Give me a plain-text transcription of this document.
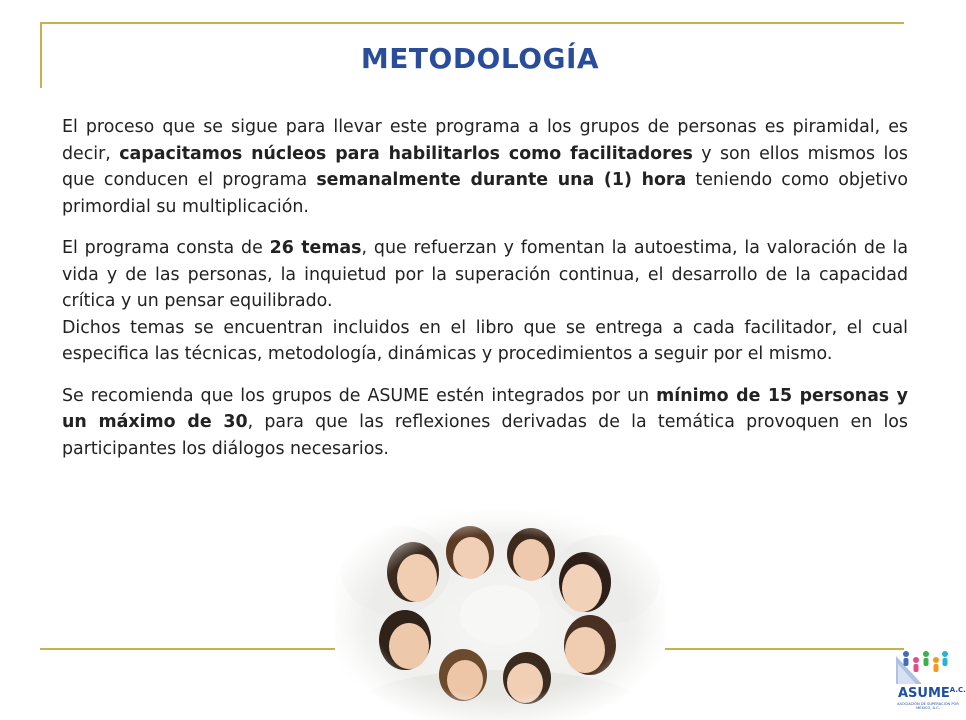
METODOLOGÍA

El proceso que se sigue para llevar este programa a los grupos de personas es piramidal, es decir, capacitamos núcleos para habilitarlos como facilitadores y son ellos mismos los que conducen el programa semanalmente durante una (1) hora teniendo como objetivo primordial su multiplicación.

El programa consta de 26 temas, que refuerzan y fomentan la autoestima, la valoración de la vida y de las personas, la inquietud por la superación continua, el desarrollo de la capacidad crítica y un pensar equilibrado.

Dichos temas se encuentran incluidos en el libro que se entrega a cada facilitador, el cual especifica las técnicas, metodología, dinámicas y procedimientos a seguir por el mismo.

Se recomienda que los grupos de ASUME estén integrados por un mínimo de 15 personas y un máximo de 30, para que las reflexiones derivadas de la temática provoquen en los participantes los diálogos necesarios.

$ASUME^{A.C.}$
ASOCIACIÓN DE SUPERACIÓN POR MÉXICO, A.C.
